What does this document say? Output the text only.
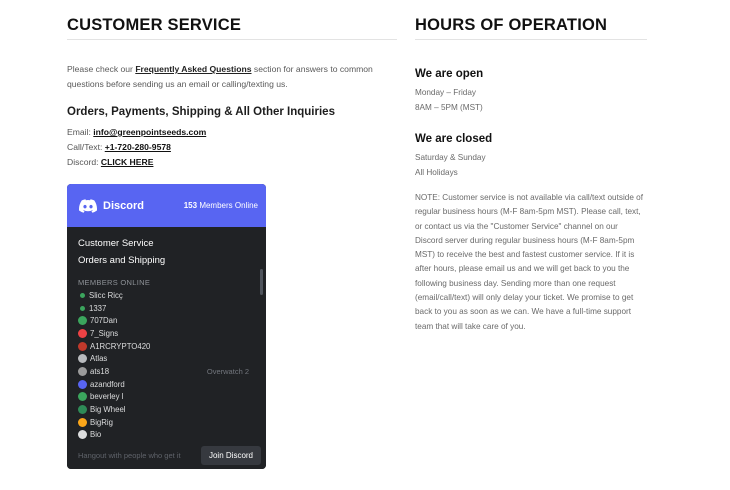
CUSTOMER SERVICE
Please check our Frequently Asked Questions section for answers to common questions before sending us an email or calling/texting us.
Orders, Payments, Shipping & All Other Inquiries
Email: info@greenpointseeds.com
Call/Text: +1-720-280-9578
Discord: CLICK HERE
Discord	153 Members Online
Customer Service
Orders and Shipping
MEMBERS ONLINE
Slicc Ricç
1337
707Dan
7_Signs
A1RCRYPTO420
Atlas
ats18	Overwatch 2
azandford
beverley l
Big Wheel
BigRig
Bio
Hangout with people who get it	Join Discord
HOURS OF OPERATION
We are open
Monday – Friday
8AM – 5PM (MST)
We are closed
Saturday & Sunday
All Holidays
NOTE: Customer service is not available via call/text outside of regular business hours (M-F 8am-5pm MST). Please call, text, or contact us via the "Customer Service" channel on our Discord server during regular business hours (M-F 8am-5pm MST) to receive the best and fastest customer service. If it is after hours, please email us and we will get back to you the following business day. Sending more than one request (email/call/text) will only delay your ticket. We promise to get back to you as soon as we can. We have a full-time support team that will take care of you.
